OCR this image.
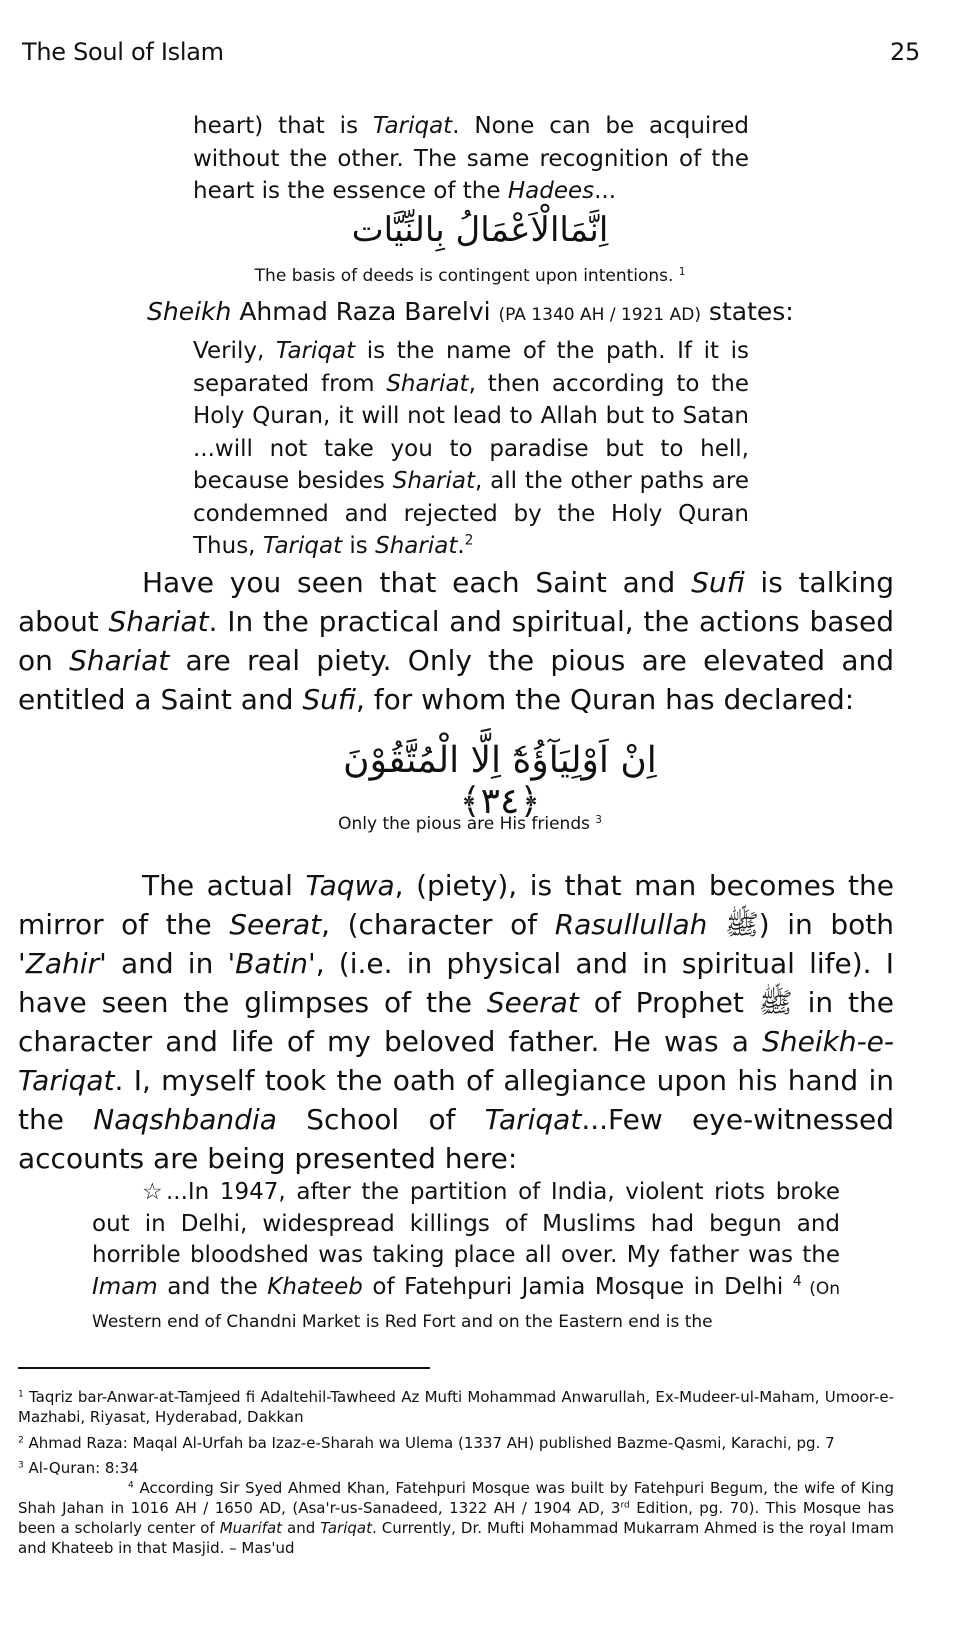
The Soul of Islam	25
heart) that is Tariqat. None can be acquired without the other. The same recognition of the heart is the essence of the Hadees...
اِنَّمَاالْاَعْمَالُ بِالنِّيَّات
The basis of deeds is contingent upon intentions. $^1$
Sheikh Ahmad Raza Barelvi (PA 1340 AH / 1921 AD) states:
Verily, Tariqat is the name of the path. If it is separated from Shariat, then according to the Holy Quran, it will not lead to Allah but to Satan ...will not take you to paradise but to hell, because besides Shariat, all the other paths are condemned and rejected by the Holy Quran Thus, Tariqat is Shariat.$^2$
Have you seen that each Saint and Sufi is talking about Shariat. In the practical and spiritual, the actions based on Shariat are real piety. Only the pious are elevated and entitled a Saint and Sufi, for whom the Quran has declared:
اِنْ اَوْلِيَآؤُهٗٓ اِلَّا الْمُتَّقُوْنَ ﴿٣٤﴾
Only the pious are His friends $^3$
The actual Taqwa, (piety), is that man becomes the mirror of the Seerat, (character of Rasullullah ﷺ) in both 'Zahir' and in 'Batin', (i.e. in physical and in spiritual life). I have seen the glimpses of the Seerat of Prophet ﷺ in the character and life of my beloved father. He was a Sheikh-e-Tariqat. I, myself took the oath of allegiance upon his hand in the Naqshbandia School of Tariqat...Few eye-witnessed accounts are being presented here:
☆...In 1947, after the partition of India, violent riots broke out in Delhi, widespread killings of Muslims had begun and horrible bloodshed was taking place all over. My father was the Imam and the Khateeb of Fatehpuri Jamia Mosque in Delhi $^4$ (On Western end of Chandni Market is Red Fort and on the Eastern end is the
$^1$ Taqriz bar-Anwar-at-Tamjeed fi Adaltehil-Tawheed Az Mufti Mohammad Anwarullah, Ex-Mudeer-ul-Maham, Umoor-e-Mazhabi, Riyasat, Hyderabad, Dakkan
$^2$ Ahmad Raza: Maqal Al-Urfah ba Izaz-e-Sharah wa Ulema (1337 AH) published Bazme-Qasmi, Karachi, pg. 7
$^3$ Al-Quran: 8:34
$^4$ According Sir Syed Ahmed Khan, Fatehpuri Mosque was built by Fatehpuri Begum, the wife of King Shah Jahan in 1016 AH / 1650 AD, (Asa'r-us-Sanadeed, 1322 AH / 1904 AD, 3rd Edition, pg. 70). This Mosque has been a scholarly center of Muarifat and Tariqat. Currently, Dr. Mufti Mohammad Mukarram Ahmed is the royal Imam and Khateeb in that Masjid. – Mas'ud
